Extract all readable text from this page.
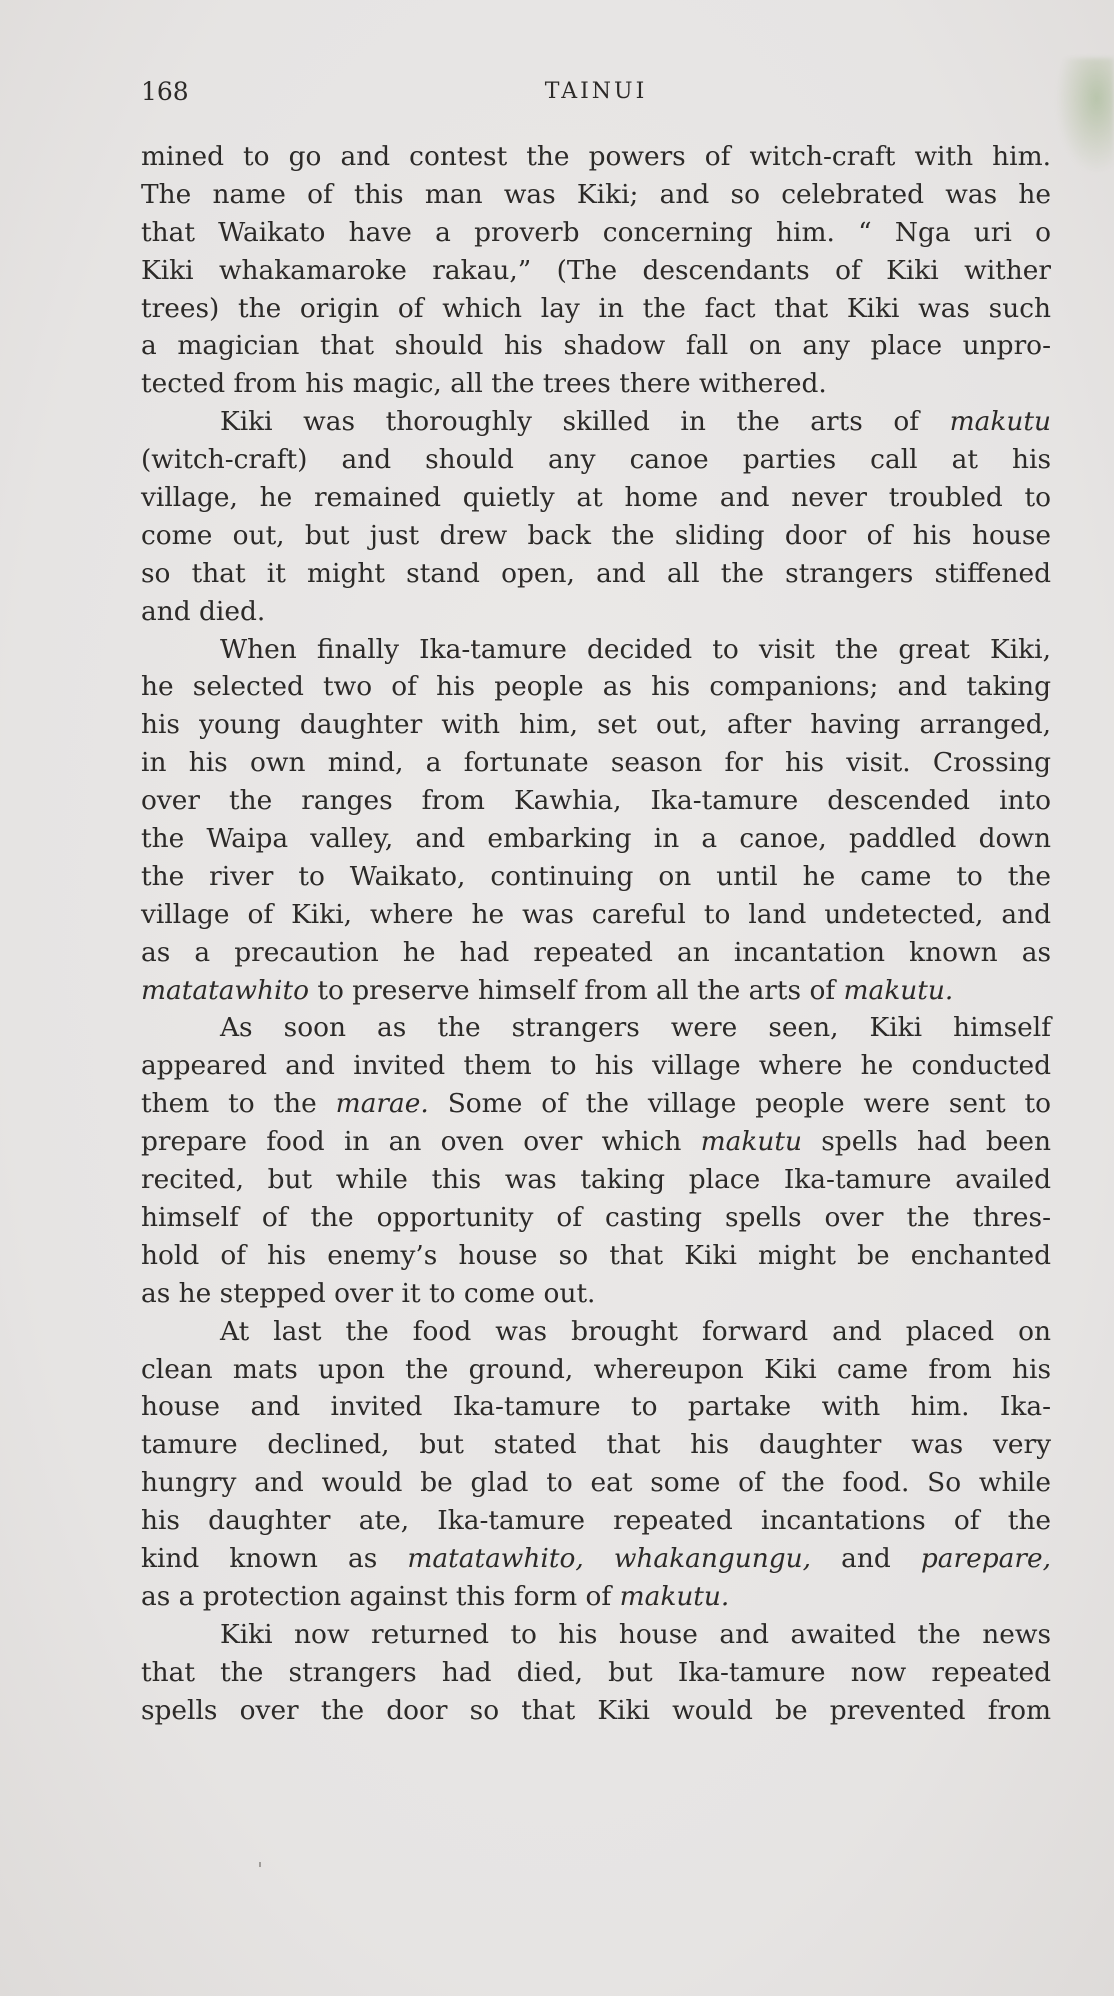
168	TAINUI
mined to go and contest the powers of witch-craft with him.
The name of this man was Kiki; and so celebrated was he
that Waikato have a proverb concerning him. “ Nga uri o
Kiki whakamaroke rakau,” (The descendants of Kiki wither
trees) the origin of which lay in the fact that Kiki was such
a magician that should his shadow fall on any place unpro-
tected from his magic, all the trees there withered.
Kiki was thoroughly skilled in the arts of makutu
(witch-craft) and should any canoe parties call at his
village, he remained quietly at home and never troubled to
come out, but just drew back the sliding door of his house
so that it might stand open, and all the strangers stiffened
and died.
When finally Ika-tamure decided to visit the great Kiki,
he selected two of his people as his companions; and taking
his young daughter with him, set out, after having arranged,
in his own mind, a fortunate season for his visit. Crossing
over the ranges from Kawhia, Ika-tamure descended into
the Waipa valley, and embarking in a canoe, paddled down
the river to Waikato, continuing on until he came to the
village of Kiki, where he was careful to land undetected, and
as a precaution he had repeated an incantation known as
matatawhito to preserve himself from all the arts of makutu.
As soon as the strangers were seen, Kiki himself
appeared and invited them to his village where he conducted
them to the marae. Some of the village people were sent to
prepare food in an oven over which makutu spells had been
recited, but while this was taking place Ika-tamure availed
himself of the opportunity of casting spells over the thres-
hold of his enemy’s house so that Kiki might be enchanted
as he stepped over it to come out.
At last the food was brought forward and placed on
clean mats upon the ground, whereupon Kiki came from his
house and invited Ika-tamure to partake with him. Ika-
tamure declined, but stated that his daughter was very
hungry and would be glad to eat some of the food. So while
his daughter ate, Ika-tamure repeated incantations of the
kind known as matatawhito, whakangungu, and parepare,
as a protection against this form of makutu.
Kiki now returned to his house and awaited the news
that the strangers had died, but Ika-tamure now repeated
spells over the door so that Kiki would be prevented from
